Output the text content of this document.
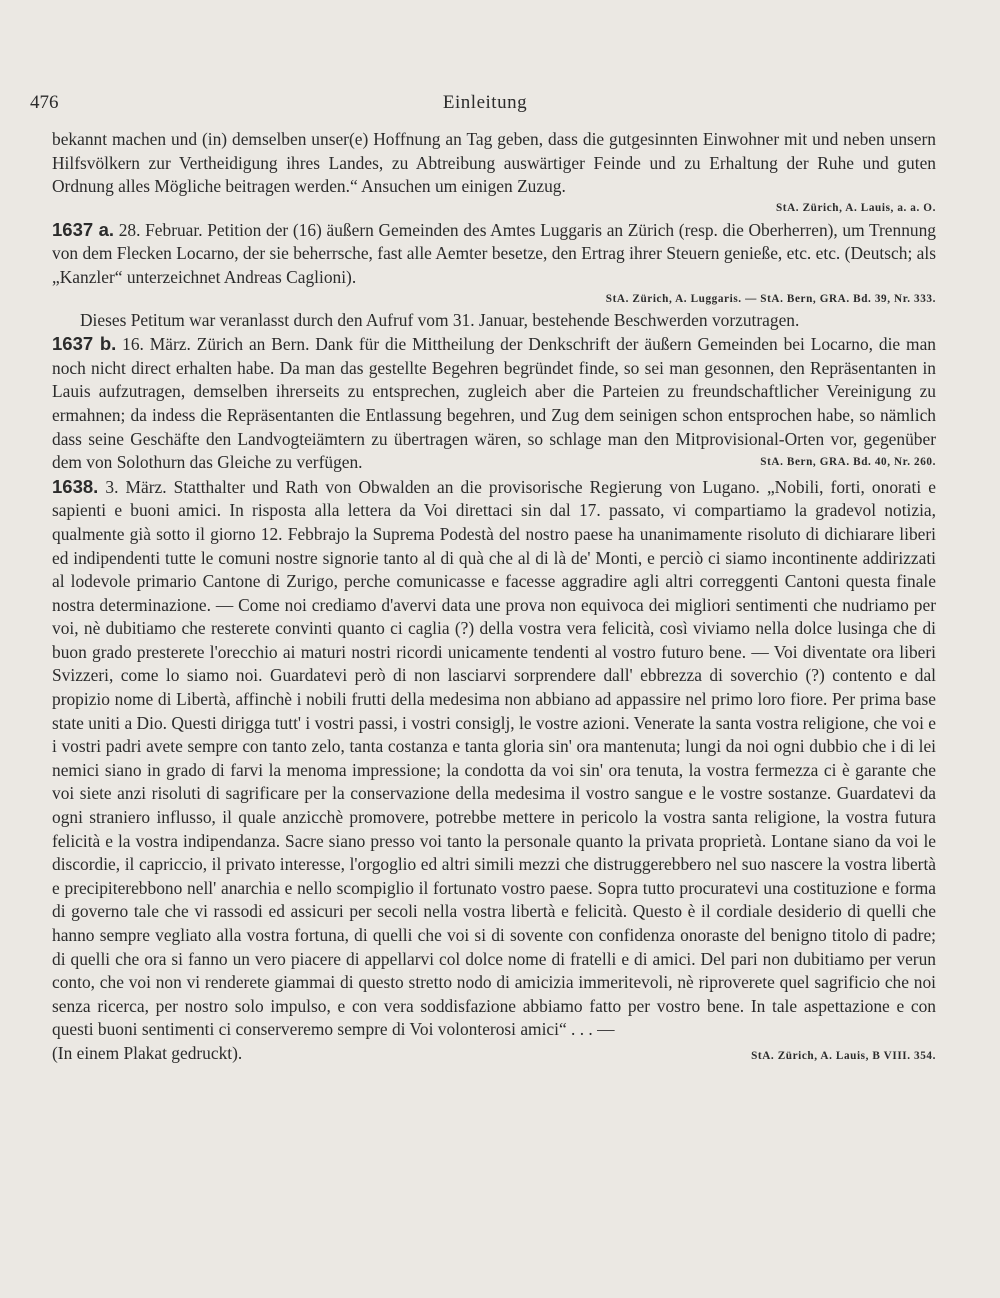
476	Einleitung

bekannt machen und (in) demselben unser(e) Hoffnung an Tag geben, dass die gutgesinnten Einwohner mit und neben unsern Hilfsvölkern zur Vertheidigung ihres Landes, zu Abtreibung auswärtiger Feinde und zu Erhaltung der Ruhe und guten Ordnung alles Mögliche beitragen werden.“ Ansuchen um einigen Zuzug.

StA. Zürich, A. Lauis, a. a. O.

1637 a. 28. Februar. Petition der (16) äußern Gemeinden des Amtes Luggaris an Zürich (resp. die Oberherren), um Trennung von dem Flecken Locarno, der sie beherrsche, fast alle Aemter besetze, den Ertrag ihrer Steuern genieße, etc. etc. (Deutsch; als „Kanzler“ unterzeichnet Andreas Caglioni).

StA. Zürich, A. Luggaris. — StA. Bern, GRA. Bd. 39, Nr. 333.

Dieses Petitum war veranlasst durch den Aufruf vom 31. Januar, bestehende Beschwerden vorzutragen.

1637 b. 16. März. Zürich an Bern. Dank für die Mittheilung der Denkschrift der äußern Gemeinden bei Locarno, die man noch nicht direct erhalten habe. Da man das gestellte Begehren begründet finde, so sei man gesonnen, den Repräsentanten in Lauis aufzutragen, demselben ihrerseits zu entsprechen, zugleich aber die Parteien zu freundschaftlicher Vereinigung zu ermahnen; da indess die Repräsentanten die Entlassung begehren, und Zug dem seinigen schon entsprochen habe, so nämlich dass seine Geschäfte den Landvogteiämtern zu übertragen wären, so schlage man den Mitprovisional-Orten vor, gegenüber dem von Solothurn das Gleiche zu verfügen.	StA. Bern, GRA. Bd. 40, Nr. 260.

1638. 3. März. Statthalter und Rath von Obwalden an die provisorische Regierung von Lugano. „Nobili, forti, onorati e sapienti e buoni amici. In risposta alla lettera da Voi direttaci sin dal 17. passato, vi compartiamo la gradevol notizia, qualmente già sotto il giorno 12. Febbrajo la Suprema Podestà del nostro paese ha unanimamente risoluto di dichiarare liberi ed indipendenti tutte le comuni nostre signorie tanto al di quà che al di là de' Monti, e perciò ci siamo incontinente addirizzati al lodevole primario Cantone di Zurigo, perche comunicasse e facesse aggradire agli altri correggenti Cantoni questa finale nostra determinazione. — Come noi crediamo d'avervi data une prova non equivoca dei migliori sentimenti che nudriamo per voi, nè dubitiamo che resterete convinti quanto ci caglia (?) della vostra vera felicità, così viviamo nella dolce lusinga che di buon grado presterete l'orecchio ai maturi nostri ricordi unicamente tendenti al vostro futuro bene. — Voi diventate ora liberi Svizzeri, come lo siamo noi. Guardatevi però di non lasciarvi sorprendere dall' ebbrezza di soverchio (?) contento e dal propizio nome di Libertà, affinchè i nobili frutti della medesima non abbiano ad appassire nel primo loro fiore. Per prima base state uniti a Dio. Questi dirigga tutt' i vostri passi, i vostri consiglj, le vostre azioni. Venerate la santa vostra religione, che voi e i vostri padri avete sempre con tanto zelo, tanta costanza e tanta gloria sin' ora mantenuta; lungi da noi ogni dubbio che i di lei nemici siano in grado di farvi la menoma impressione; la condotta da voi sin' ora tenuta, la vostra fermezza ci è garante che voi siete anzi risoluti di sagrificare per la conservazione della medesima il vostro sangue e le vostre sostanze. Guardatevi da ogni straniero influsso, il quale anzicchè promovere, potrebbe mettere in pericolo la vostra santa religione, la vostra futura felicità e la vostra indipendanza. Sacre siano presso voi tanto la personale quanto la privata proprietà. Lontane siano da voi le discordie, il capriccio, il privato interesse, l'orgoglio ed altri simili mezzi che distruggerebbero nel suo nascere la vostra libertà e precipiterebbono nell' anarchia e nello scompiglio il fortunato vostro paese. Sopra tutto procuratevi una costituzione e forma di governo tale che vi rassodi ed assicuri per secoli nella vostra libertà e felicità. Questo è il cordiale desiderio di quelli che hanno sempre vegliato alla vostra fortuna, di quelli che voi si di sovente con confidenza onoraste del benigno titolo di padre; di quelli che ora si fanno un vero piacere di appellarvi col dolce nome di fratelli e di amici. Del pari non dubitiamo per verun conto, che voi non vi renderete giammai di questo stretto nodo di amicizia immeritevoli, nè riproverete quel sagrificio che noi senza ricerca, per nostro solo impulso, e con vera soddisfazione abbiamo fatto per vostro bene. In tale aspettazione e con questi buoni sentimenti ci conserveremo sempre di Voi volonterosi amici“ . . . —

(In einem Plakat gedruckt).	StA. Zürich, A. Lauis, B VIII. 354.
